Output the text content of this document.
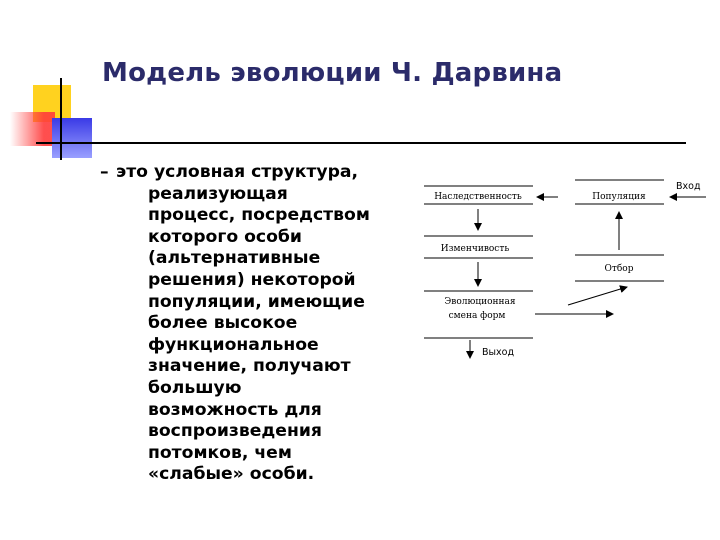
Модель эволюции Ч. Дарвина
– это условная структура,
реализующая
процесс, посредством
которого особи
(альтернативные
решения) некоторой
популяции, имеющие
более высокое
функциональное
значение, получают
большую
возможность для
воспроизведения
потомков, чем
«слабые» особи.
Наследственность
Изменчивость
Эволюционная
смена форм
Популяция
Отбор
Выход
Вход
